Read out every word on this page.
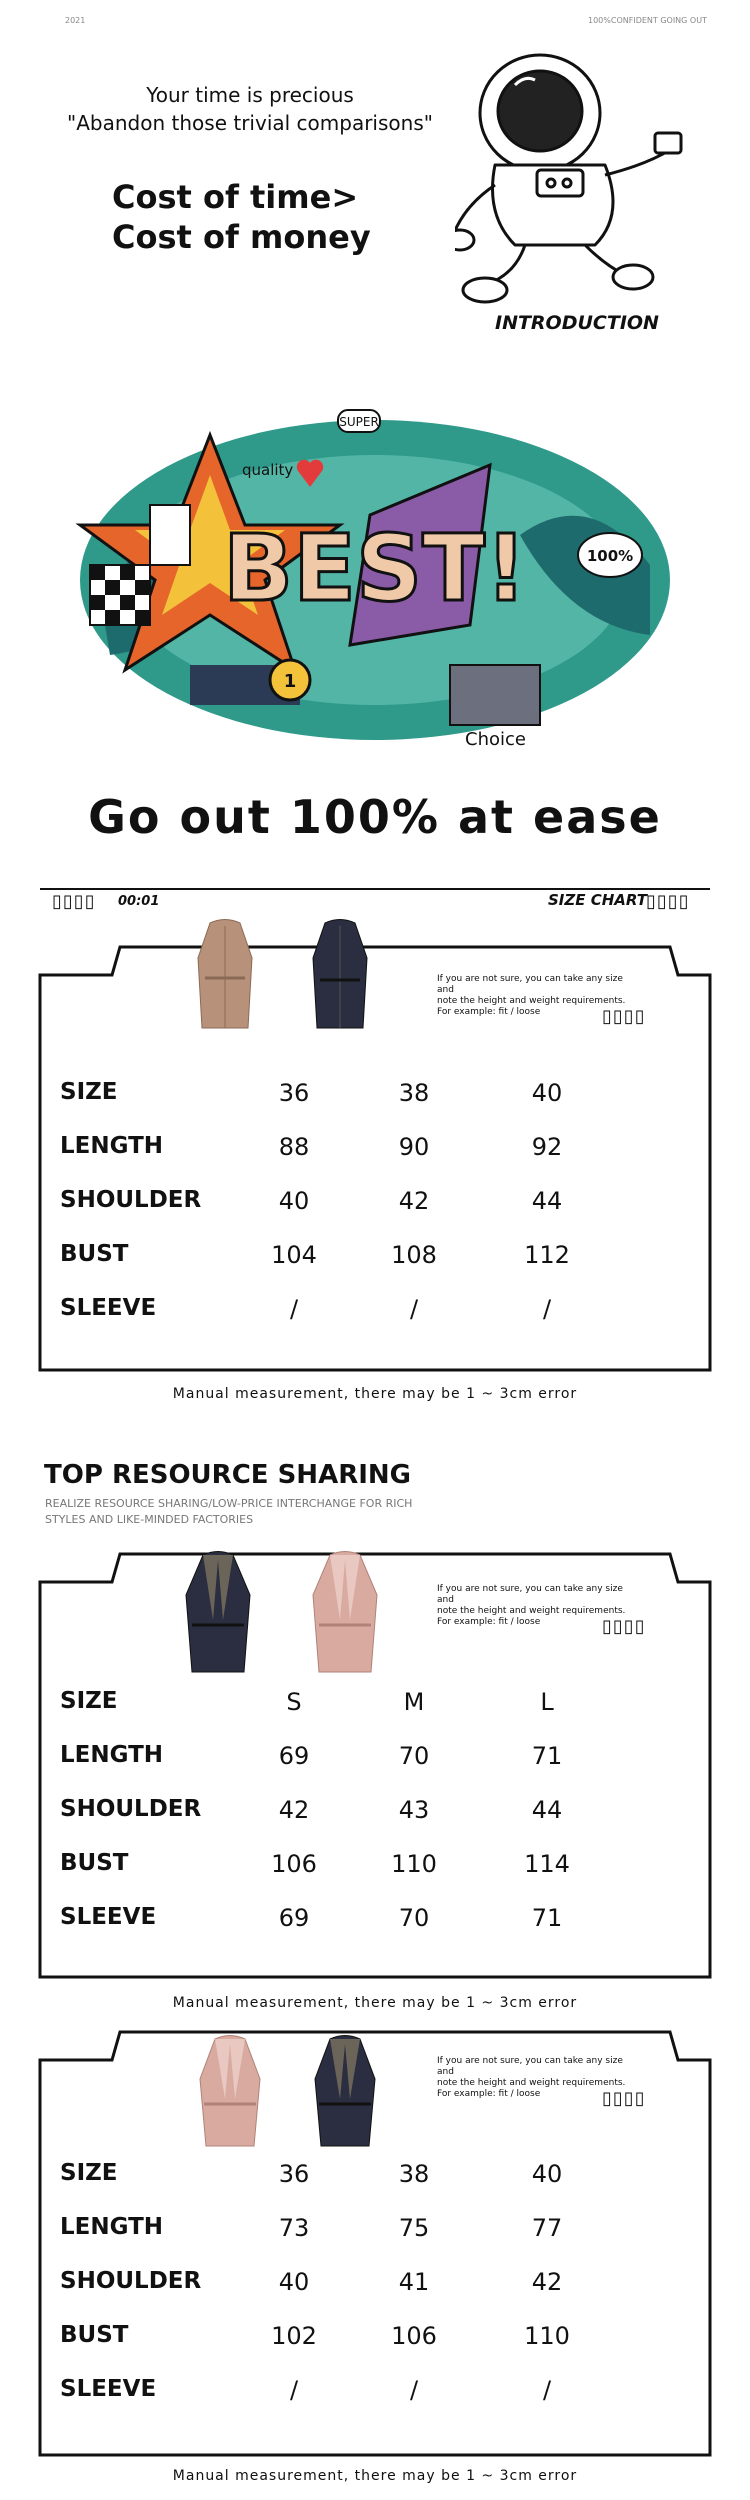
2021	100%CONFIDENT GOING OUT
Your time is precious
"Abandon those trivial comparisons"
Cost of time>
Cost of money
INTRODUCTION
BEST!
quality
SUPER
100%
1
Choice
Go out 100% at ease
▯▯▯▯ 00:01	SIZE CHART
▯▯▯▯
If you are not sure, you can take any size and
note the height and weight requirements.
For example: fit / loose	▯▯▯▯
SIZE	36	38	40
LENGTH	88	90	92
SHOULDER	40	42	44
BUST	104	108	112
SLEEVE	/	/	/
Manual measurement, there may be 1 ~ 3cm error
TOP RESOURCE SHARING
REALIZE RESOURCE SHARING/LOW-PRICE INTERCHANGE FOR RICH
STYLES AND LIKE-MINDED FACTORIES
If you are not sure, you can take any size and
note the height and weight requirements.
For example: fit / loose	▯▯▯▯
SIZE	S	M	L
LENGTH	69	70	71
SHOULDER	42	43	44
BUST	106	110	114
SLEEVE	69	70	71
Manual measurement, there may be 1 ~ 3cm error
If you are not sure, you can take any size and
note the height and weight requirements.
For example: fit / loose	▯▯▯▯
SIZE	36	38	40
LENGTH	73	75	77
SHOULDER	40	41	42
BUST	102	106	110
SLEEVE	/	/	/
Manual measurement, there may be 1 ~ 3cm error
